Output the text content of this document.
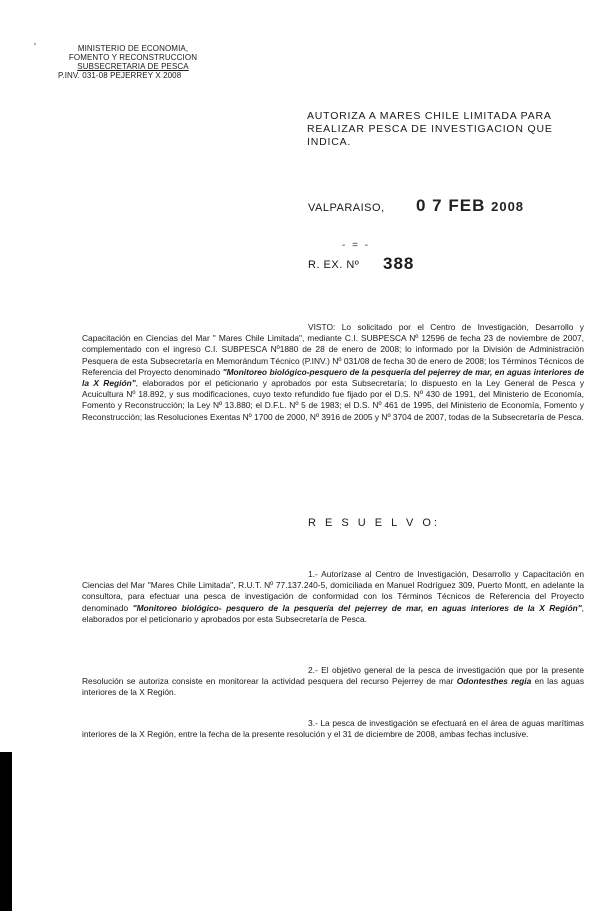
'	MINISTERIO DE ECONOMIA,
FOMENTO Y RECONSTRUCCION
SUBSECRETARIA DE PESCA
P.INV. 031-08 PEJERREY X 2008
AUTORIZA A MARES CHILE LIMITADA PARA REALIZAR PESCA DE INVESTIGACION QUE INDICA.
VALPARAISO,	0 7 FEB 2008
- = -
R. EX. Nº	388
VISTO: Lo solicitado por el Centro de Investigación, Desarrollo y Capacitación en Ciencias del Mar " Mares Chile Limitada", mediante C.I. SUBPESCA Nº 12596 de fecha 23 de noviembre de 2007, complementado con el ingreso C.I. SUBPESCA Nº1880 de 28 de enero de 2008; lo informado por la División de Administración Pesquera de esta Subsecretaría en Memorándum Técnico (P.INV.) Nº 031/08 de fecha 30 de enero de 2008; los Términos Técnicos de Referencia del Proyecto denominado "Monitoreo biológico-pesquero de la pesquería del pejerrey de mar, en aguas interiores de la X Región", elaborados por el peticionario y aprobados por esta Subsecretaría; lo dispuesto en la Ley General de Pesca y Acuicultura Nº 18.892, y sus modificaciones, cuyo texto refundido fue fijado por el D.S. Nº 430 de 1991, del Ministerio de Economía, Fomento y Reconstrucción; la Ley Nº 13.880; el D.F.L. Nº 5 de 1983; el D.S. Nº 461 de 1995, del Ministerio de Economía, Fomento y Reconstrucción; las Resoluciones Exentas Nº 1700 de 2000, Nº 3916 de 2005 y Nº 3704 de 2007, todas de la Subsecretaría de Pesca.
R E S U E L V O:
1.- Autorízase al Centro de Investigación, Desarrollo y Capacitación en Ciencias del Mar "Mares Chile Limitada", R.U.T. Nº 77.137.240-5, domiciliada en Manuel Rodríguez 309, Puerto Montt, en adelante la consultora, para efectuar una pesca de investigación de conformidad con los Términos Técnicos de Referencia del Proyecto denominado "Monitoreo biológico- pesquero de la pesquería del pejerrey de mar, en aguas interiores de la X Región", elaborados por el peticionario y aprobados por esta Subsecretaría de Pesca.
2.- El objetivo general de la pesca de investigación que por la presente Resolución se autoriza consiste en monitorear la actividad pesquera del recurso Pejerrey de mar Odontesthes regia en las aguas interiores de la X Región.
3.- La pesca de investigación se efectuará en el área de aguas marítimas interiores de la X Región, entre la fecha de la presente resolución y el 31 de diciembre de 2008, ambas fechas inclusive.
